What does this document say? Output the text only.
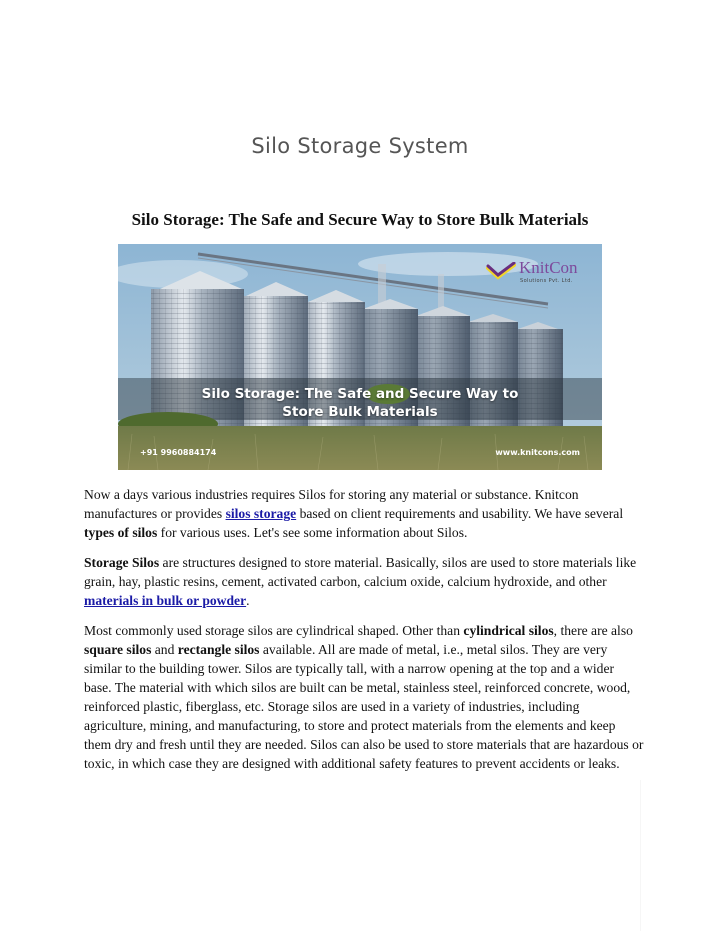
Silo Storage System
Silo Storage: The Safe and Secure Way to Store Bulk Materials
KnitCon
Solutions Pvt. Ltd.
Silo Storage: The Safe and Secure Way to
Store Bulk Materials
+91 9960884174	www.knitcons.com

Now a days various industries requires Silos for storing any material or substance. Knitcon manufactures or provides silos storage based on client requirements and usability. We have several types of silos for various uses. Let's see some information about Silos.

Storage Silos are structures designed to store material. Basically, silos are used to store materials like grain, hay, plastic resins, cement, activated carbon, calcium oxide, calcium hydroxide, and other materials in bulk or powder.

Most commonly used storage silos are cylindrical shaped. Other than cylindrical silos, there are also square silos and rectangle silos available. All are made of metal, i.e., metal silos. They are very similar to the building tower. Silos are typically tall, with a narrow opening at the top and a wider base. The material with which silos are built can be metal, stainless steel, reinforced concrete, wood, reinforced plastic, fiberglass, etc. Storage silos are used in a variety of industries, including agriculture, mining, and manufacturing, to store and protect materials from the elements and keep them dry and fresh until they are needed. Silos can also be used to store materials that are hazardous or toxic, in which case they are designed with additional safety features to prevent accidents or leaks.
